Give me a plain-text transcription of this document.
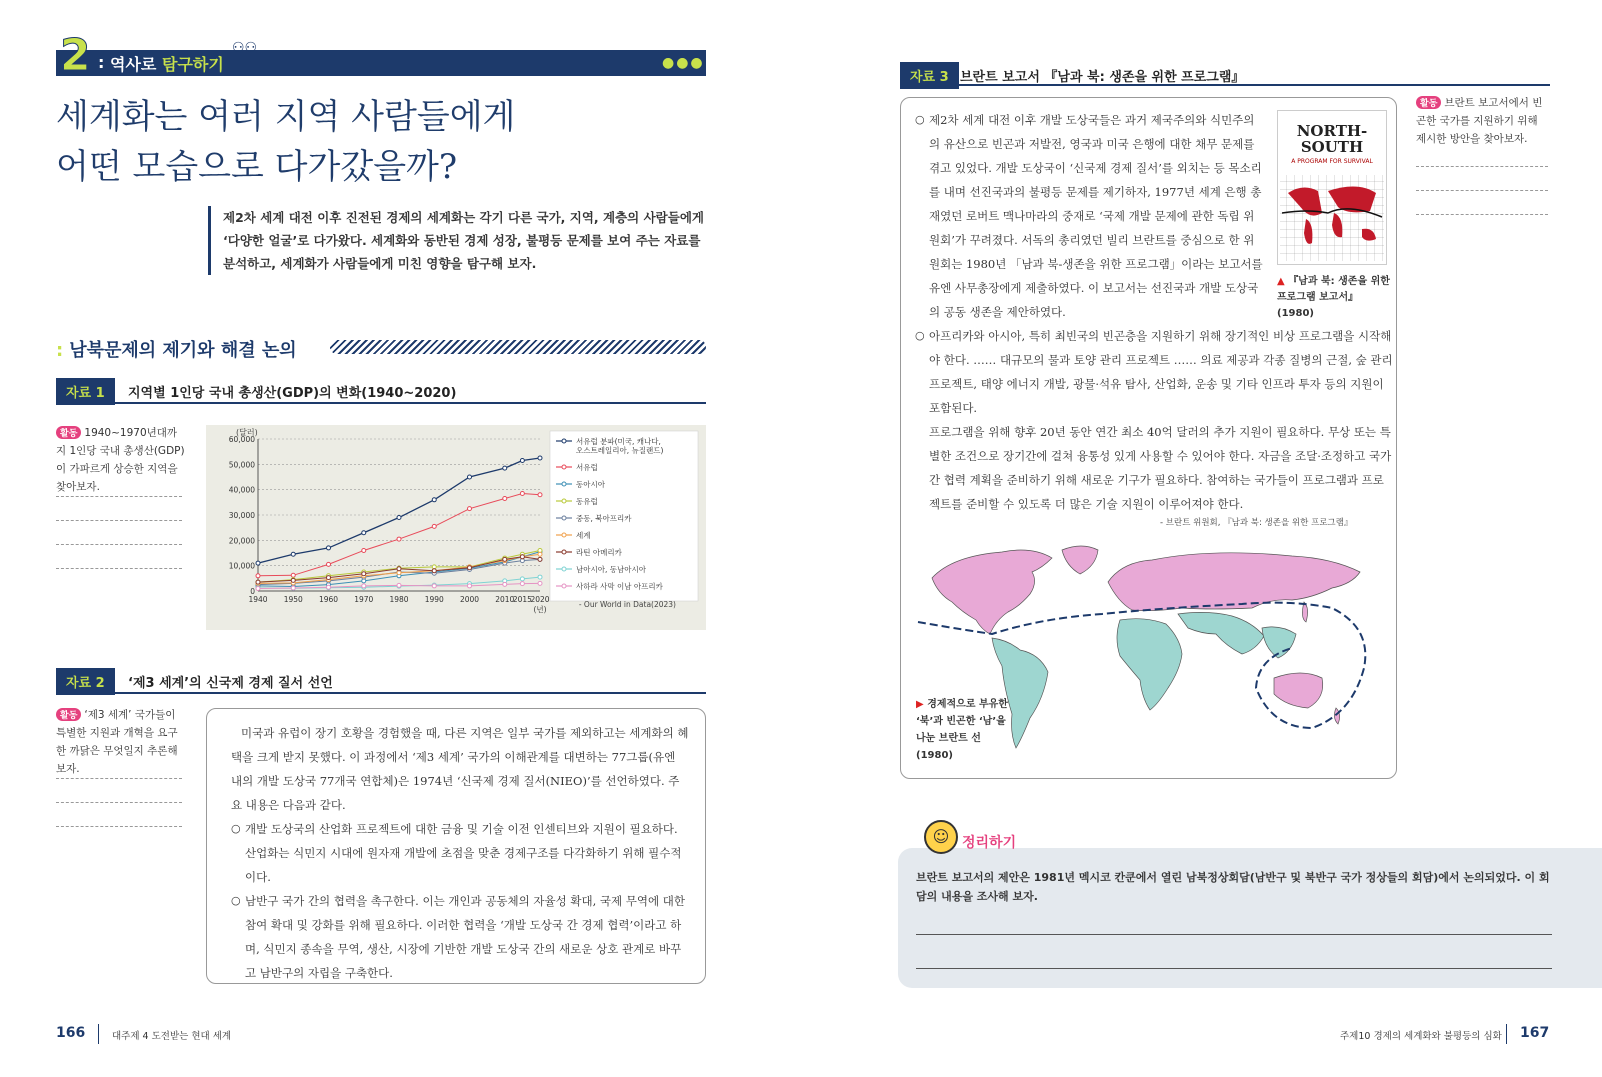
2 : 역사로 탐구하기
⚇⚇
●●●
세계화는 여러 지역 사람들에게
어떤 모습으로 다가갔을까?
제2차 세계 대전 이후 진전된 경제의 세계화는 각기 다른 국가, 지역, 계층의 사람들에게 ‘다양한 얼굴’로 다가왔다. 세계화와 동반된 경제 성장, 불평등 문제를 보여 주는 자료를 분석하고, 세계화가 사람들에게 미친 영향을 탐구해 보자.
: 남북문제의 제기와 해결 논의
자료 1	지역별 1인당 국내 총생산(GDP)의 변화(1940~2020)
활동 1940~1970년대까지 1인당 국내 총생산(GDP)이 가파르게 상승한 지역을 찾아보자.
(달러)
0
10,000
20,000
30,000
40,000
50,000
60,000
1940 1950 1960 1970 1980 1990 2000 2010
2015
2020
(년)
서유럽 분파(미국, 캐나다,
오스트레일리아, 뉴질랜드)
서유럽
동아시아
동유럽
중동, 북아프리카
세계
라틴 아메리카
남아시아, 동남아시아
사하라 사막 이남 아프리카
- Our World in Data(2023)
자료 2	‘제3 세계’의 신국제 경제 질서 선언
활동 ‘제3 세계’ 국가들이 특별한 지원과 개혁을 요구한 까닭은 무엇일지 추론해 보자.

미국과 유럽이 장기 호황을 경험했을 때, 다른 지역은 일부 국가를 제외하고는 세계화의 혜택을 크게 받지 못했다. 이 과정에서 ‘제3 세계’ 국가의 이해관계를 대변하는 77그룹(유엔 내의 개발 도상국 77개국 연합체)은 1974년 ‘신국제 경제 질서(NIEO)’를 선언하였다. 주요 내용은 다음과 같다.

○ 개발 도상국의 산업화 프로젝트에 대한 금융 및 기술 이전 인센티브와 지원이 필요하다. 산업화는 식민지 시대에 원자재 개발에 초점을 맞춘 경제구조를 다각화하기 위해 필수적이다.
○ 남반구 국가 간의 협력을 촉구한다. 이는 개인과 공동체의 자율성 확대, 국제 무역에 대한 참여 확대 및 강화를 위해 필요하다. 이러한 협력을 ‘개발 도상국 간 경제 협력’이라고 하며, 식민지 종속을 무역, 생산, 시장에 기반한 개발 도상국 간의 새로운 상호 관계로 바꾸고 남반구의 자립을 구축한다.
166	대주제 4 도전받는 현대 세계
자료 3 브란트 보고서 『남과 북: 생존을 위한 프로그램』
○ 제2차 세계 대전 이후 개발 도상국들은 과거 제국주의와 식민주의의 유산으로 빈곤과 저발전, 영국과 미국 은행에 대한 채무 문제를 겪고 있었다. 개발 도상국이 ‘신국제 경제 질서’를 외치는 등 목소리를 내며 선진국과의 불평등 문제를 제기하자, 1977년 세계 은행 총재였던 로버트 맥나마라의 중재로 ‘국제 개발 문제에 관한 독립 위원회’가 꾸려졌다. 서독의 총리였던 빌리 브란트를 중심으로 한 위원회는 1980년 「남과 북-생존을 위한 프로그램」이라는 보고서를 유엔 사무총장에게 제출하였다. 이 보고서는 선진국과 개발 도상국의 공동 생존을 제안하였다.
○ 아프리카와 아시아, 특히 최빈국의 빈곤층을 지원하기 위해 장기적인 비상 프로그램을 시작해야 한다. …… 대규모의 물과 토양 관리 프로젝트 …… 의료 제공과 각종 질병의 근절, 숲 관리 프로젝트, 태양 에너지 개발, 광물·석유 탐사, 산업화, 운송 및 기타 인프라 투자 등의 지원이 포함된다.
프로그램을 위해 향후 20년 동안 연간 최소 40억 달러의 추가 지원이 필요하다. 무상 또는 특별한 조건으로 장기간에 걸쳐 융통성 있게 사용할 수 있어야 한다. 자금을 조달·조정하고 국가 간 협력 계획을 준비하기 위해 새로운 기구가 필요하다. 참여하는 국가들이 프로그램과 프로젝트를 준비할 수 있도록 더 많은 기술 지원이 이루어져야 한다.
NORTH-SOUTH
A PROGRAM FOR SURVIVAL
▲ 『남과 북: 생존을 위한 프로그램 보고서』(1980)
- 브란트 위원회, 『남과 북: 생존을 위한 프로그램』
▶ 경제적으로 부유한 ‘북’과 빈곤한 ‘남’을 나눈 브란트 선(1980)
활동 브란트 보고서에서 빈곤한 국가를 지원하기 위해 제시한 방안을 찾아보자.
☺ 정리하기
브란트 보고서의 제안은 1981년 멕시코 칸쿤에서 열린 남북정상회담(남반구 및 북반구 국가 정상들의 회담)에서 논의되었다. 이 회담의 내용을 조사해 보자.
주제10 경제의 세계화와 불평등의 심화 167
